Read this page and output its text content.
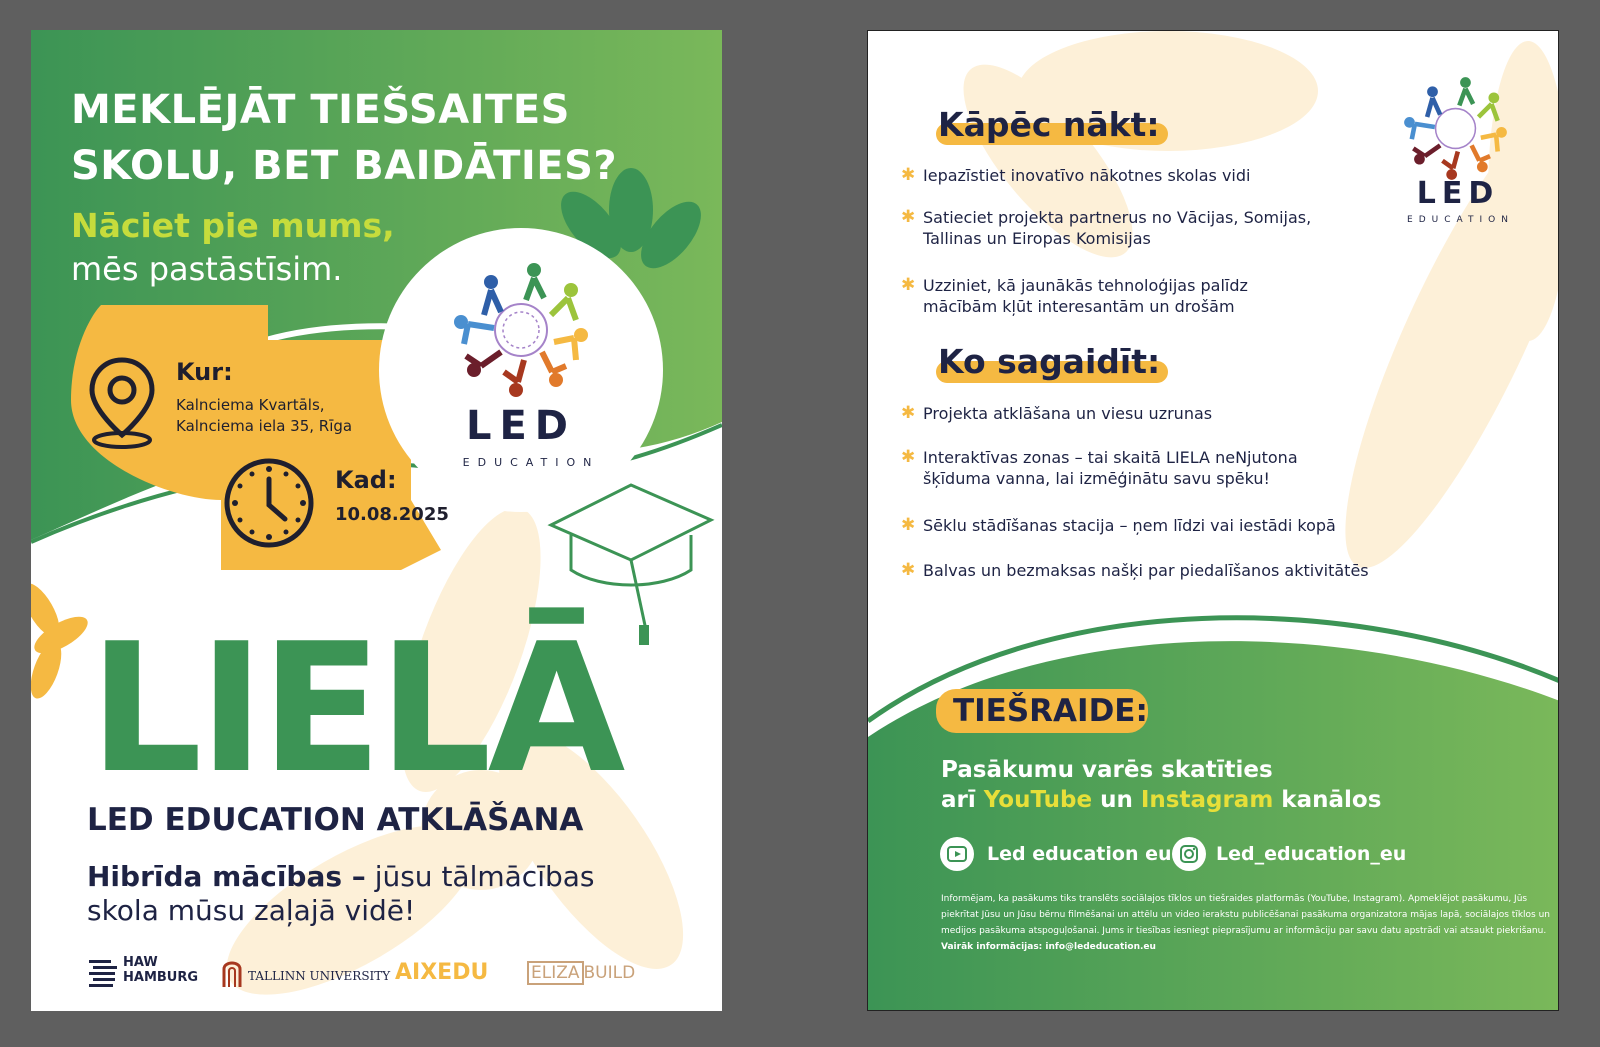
MEKLĒJĀT TIEŠSAITES
SKOLU, BET BAIDĀTIES?
Nāciet pie mums,
mēs pastāstīsim.
Kur:
Kalnciema Kvartāls,
Kalnciema iela 35, Rīga
Kad:
10.08.2025
LED
EDUCATION
LIELĀ
LED EDUCATION ATKLĀŠANA
Hibrīda mācības – jūsu tālmācības
skola mūsu zaļajā vidē!
HAW
HAMBURG	TALLINN UNIVERSITY AIXEDU	ELIZA BUILD
LED
EDUCATION
Kāpēc nākt:
✱ Iepazīstiet inovatīvo nākotnes skolas vidi
✱ Satieciet projekta partnerus no Vācijas, Somijas,
Tallinas un Eiropas Komisijas
✱ Uzziniet, kā jaunākās tehnoloģijas palīdz
mācībām kļūt interesantām un drošām
Ko sagaidīt:
✱ Projekta atklāšana un viesu uzrunas
✱ Interaktīvas zonas – tai skaitā LIELA neNjutona
šķīduma vanna, lai izmēģinātu savu spēku!
✱ Sēklu stādīšanas stacija – ņem līdzi vai iestādi kopā
✱ Balvas un bezmaksas našķi par piedalīšanos aktivitātēs
TIEŠRAIDE:
Pasākumu varēs skatīties
arī YouTube un Instagram kanālos
Led education eu Led_education_eu
Informējam, ka pasākums tiks translēts sociālajos tīklos un tiešraides platformās (YouTube, Instagram). Apmeklējot pasākumu, Jūs piekrītat Jūsu un Jūsu bērnu filmēšanai un attēlu un video ierakstu publicēšanai pasākuma organizatora mājas lapā, sociālajos tīklos un medijos pasākuma atspoguļošanai. Jums ir tiesības iesniegt pieprasījumu ar informāciju par savu datu apstrādi vai atsaukt piekrišanu. Vairāk informācijas: info@lededucation.eu
